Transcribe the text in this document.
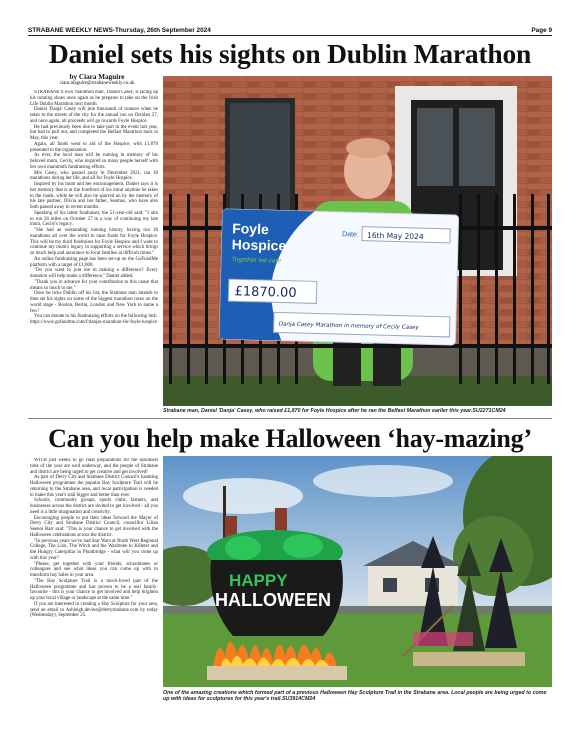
STRABANE WEEKLY NEWS-Thursday, 26th September 2024	Page 9
Daniel sets his sights on Dublin Marathon
by Ciara Maguire
ciara.maguire@strabaneweekly.co.uk

STRABANE'S own 'marathon man', Daniel Casey, is lacing up his running shoes once again as he prepares to take on the Irish Life Dublin Marathon next month.

Daniel 'Danja' Casey will join thousands of runners when he takes to the streets of the city for the annual run on October 27, and once again, all proceeds will go towards Foyle Hospice.

He had previously been due to take part in the event last year, but had to pull out, and completed the Belfast Marathon back in May, this year.

Again, all funds went to aid of the Hospice, with £1,870 presented to the organisation.

As ever, the local man will be running in memory of his beloved mum, Cecily, who inspired so many people herself with her own mammoth fundraising efforts.

Mrs Casey, who passed away in December 2021, ran 18 marathons during her life, and all for Foyle Hospice.

Inspired by his mum and her encouragement, Daniel says it is her memory that is at the forefront of his mind anytime he takes to the roads, while he will also be spurred on by the memory of his late partner, Olivia and her father, Seamus, who have also both passed away in recent months.

Speaking of his latest fundraiser, the 51-year-old said: "I aim to run 26 miles on October 27 in a way of continuing my late mum, Cecily's legacy.

"She had an outstanding running history, having run 18 marathons all over the world to raise funds for Foyle Hospice. This will be my third fundraiser for Foyle Hospice and I want to continue my mum's legacy in supporting a service which brings so much help and assurance to local families at difficult times."

An online fundraising page has been set-up on the GoFundMe platform with a target of £1,000.

"Do you want to join me in making a difference? Every donation will help make a difference," Daniel added.

"Thank you in advance for your contribution to this cause that means so much to me."

Once he ticks Dublin off his list, the Strabane man intends to then set his sights on some of the biggest marathon races on the world stage - Boston, Berlin, London and New York to name a few!

You can donate to his fundraising efforts on the following link:

https://www.gofundme.com/f/danjas-marathon-for-foyle-hospice

Foyle
Hospice
Together we care
Date: 16th May 2024
£1870.00
From: Danja Casey Marathon in memory of Cecily Casey
Strabane man, Daniel 'Danja' Casey, who raised £1,870 for Foyle Hospice after he ran the Belfast Marathon earlier this year.SU2271CM24
Can you help make Halloween ‘hay-mazing’

WITH just weeks to go final preparations for the spookiest time of the year are well underway, and the people of Strabane and district are being urged to get creative and get involved!

As part of Derry City and Strabane District Council's haunting Halloween programme the popular Hay Sculpture Trail will be returning to the Strabane area, and local participation is needed to make this year's trail bigger and better than ever.

Schools, community groups, sports clubs, farmers, and businesses across the district are invited to get involved - all you need is a little imagination and creativity.

Encouraging people to put their ideas forward the Mayor of Derry City and Strabane District Council, councillor Lilian Seenoi Barr said: "This is your chance to get involved with the Halloween celebrations across the district.

"In previous years we've had Star Wars at North West Regional College, The Lion, The Witch and the Wardrobe in Killeter and the Hungry Caterpillar in Plumbridge - what will you come up with this year?

"Please, get together with your friends, schoolmates or colleagues and see what ideas you can come up with to transform hay bales in your area.

"The Hay Sculpture Trail is a much-loved part of the Halloween programme and has proven to be a real family-favourite - this is your chance to get involved and help brighten up your local village or landscape at the same time."

If you are interested in creating a Hay Sculpture for your area, send an email to Ashleigh.devine@derrystrabane.com by today (Wednesday), September 25.

HAPPY
HALLOWEEN
One of the amazing creations which formed part of a previous Halloween Hay Sculpture Trail in the Strabane area. Local people are being urged to come up with ideas for sculptures for this year's trail.SU3914CM24
